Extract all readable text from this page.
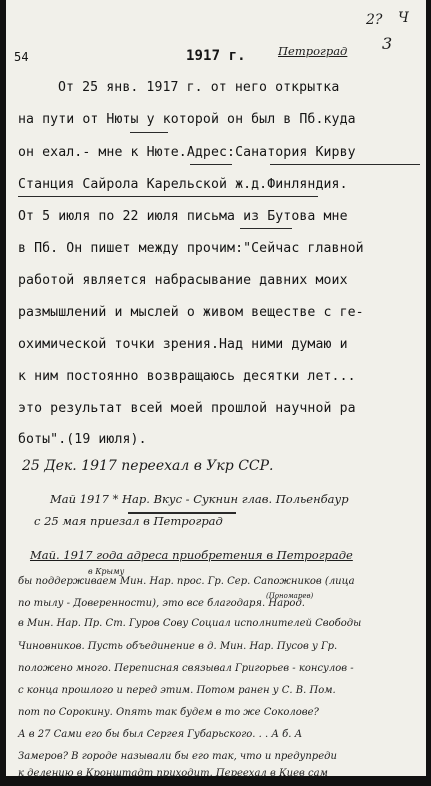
54	1917 г.	Петроград
2? Ч
3
От 25 янв. 1917 г. от него открытка
на пути от Нюты у которой он был в Пб.куда
он ехал.- мне к Нюте.Адрес:Санатория Кирву
Станция Сайрола Карельской ж.д.Финляндия.
От 5 июля по 22 июля письма из Бутова мне
в Пб. Он пишет между прочим:"Сейчас главной
работой является набрасывание давних моих
размышлений и мыслей о живом веществе с ге-
охимической точки зрения.Над ними думаю и
к ним постоянно возвращаюсь десятки лет...
это результат всей моей прошлой научной ра
боты".(19 июля).
25 Дек. 1917 переехал в Укр ССР.
Май 1917 * Нар. Вкус - Сукнин глав. Польенбаур
с 25 мая приезал в Петроград
Май. 1917 года адреса приобретения в Петрограде
в Крыму
бы поддерживаем Мин. Нар. прос. Гр. Сер. Сапожников (лица
по тылу - Доверенности), это все благодаря. Народ.
(Пономарев)
в Мин. Нар. Пр. Ст. Гуров Сову Социал исполнителей Свободы
Чиновников. Пусть объединение в д. Мин. Нар. Пусов у Гр.
положено много. Переписная связывал Григорьев - консулов -
с конца прошлого и перед этим. Потом ранен у С. В. Пом.
пот по Сорокину. Опять так будем в то же Соколове?
А в 27 Сами его бы был Сергея Губарьского. . . А б. А
Замеров? В городе называли бы его так, что и предупреди
к делению в Кронштадт приходит. Переехал в Киев сам
